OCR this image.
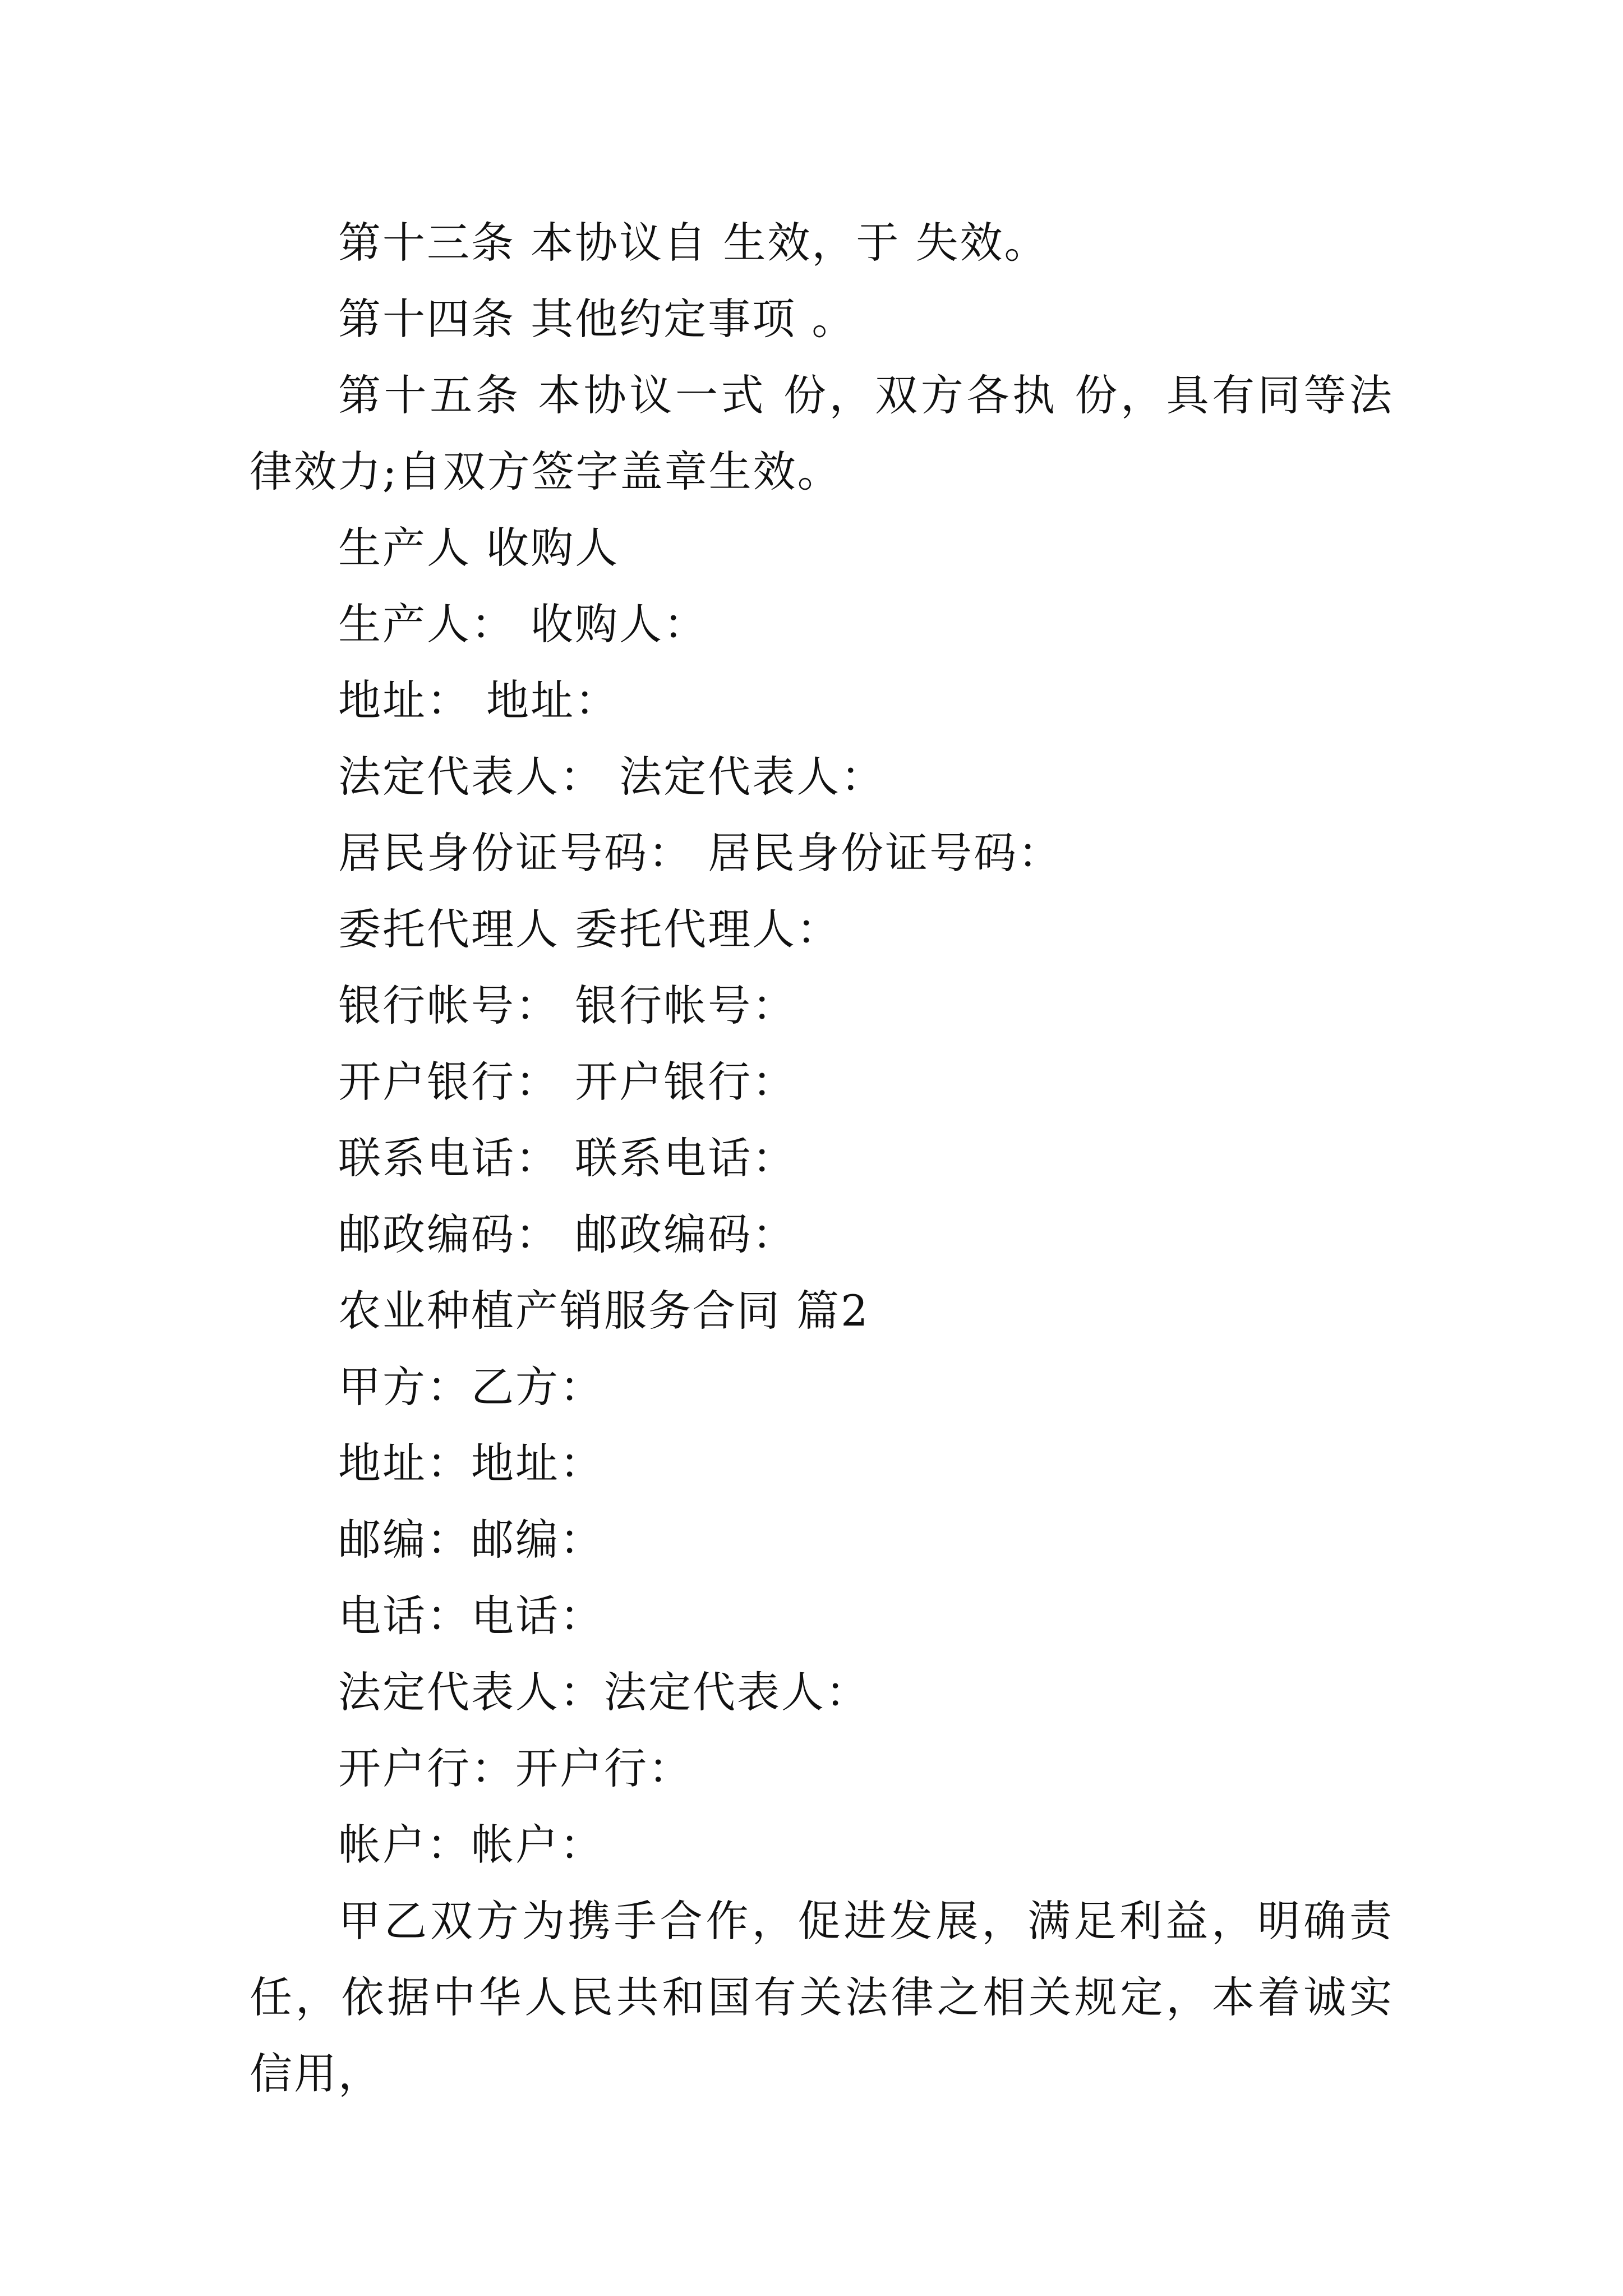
第十三条 本协议自 生效，于 失效。
第十四条 其他约定事项 。
第十五条 本协议一式 份，双方各执 份，具有同等法律效力;自双方签字盖章生效。
生产人 收购人
生产人： 收购人：
地址： 地址：
法定代表人： 法定代表人：
居民身份证号码： 居民身份证号码：
委托代理人 委托代理人：
银行帐号： 银行帐号：
开户银行： 开户银行：
联系电话： 联系电话：
邮政编码： 邮政编码：
农业种植产销服务合同 篇2
甲方：乙方：
地址：地址：
邮编：邮编：
电话：电话：
法定代表人：法定代表人：
开户行：开户行：
帐户：帐户：
甲乙双方为携手合作，促进发展，满足利益，明确责任，依据中华人民共和国有关法律之相关规定，本着诚实信用，
